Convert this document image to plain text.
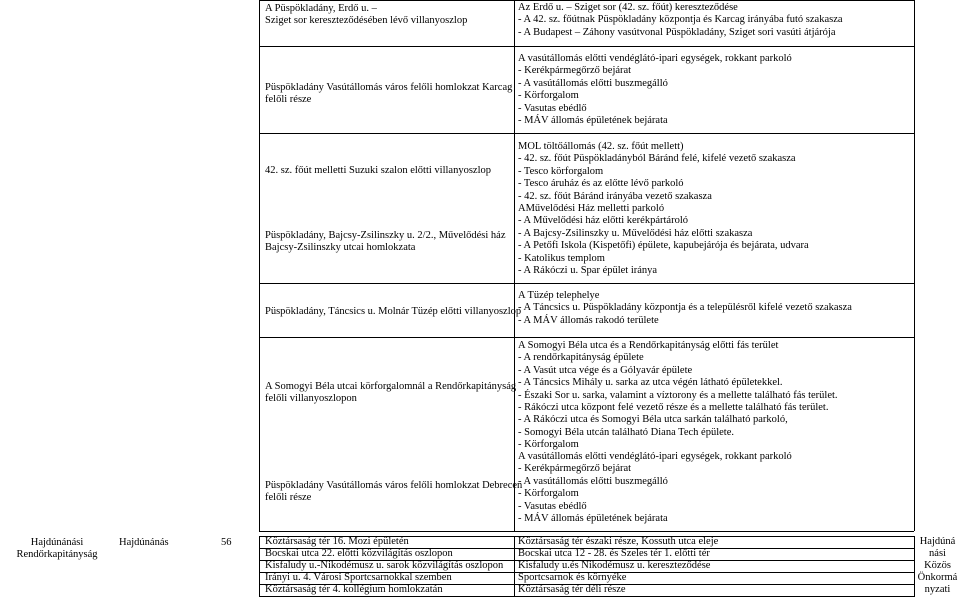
A Püspökladány, Erdő u. –
Sziget sor kereszteződésében lévő villanyoszlop
Püspökladány Vasútállomás város felőli homlokzat Karcag
felőli része
42. sz. főút melletti Suzuki szalon előtti villanyoszlop
Püspökladány, Bajcsy-Zsilinszky u. 2/2., Művelődési ház
Bajcsy-Zsilinszky utcai homlokzata
Püspökladány, Táncsics u. Molnár Tüzép előtti villanyoszlop
A Somogyi Béla utcai körforgalomnál a Rendőrkapitányság
felőli villanyoszlopon
Püspökladány Vasútállomás város felőli homlokzat Debrecen
felőli része
Az Erdő u. – Sziget sor (42. sz. főút) kereszteződése
- A 42. sz. főútnak Püspökladány központja és Karcag irányába futó szakasza
- A Budapest – Záhony vasútvonal Püspökladány, Sziget sori vasúti átjárója
A vasútállomás előtti vendéglátó-ipari egységek, rokkant parkoló
- Kerékpármegőrző bejárat
- A vasútállomás előtti buszmegálló
- Körforgalom
- Vasutas ebédlő
- MÁV állomás épületének bejárata
MOL töltőállomás (42. sz. főút mellett)
- 42. sz. főút Püspökladányból Báránd felé, kifelé vezető szakasza
- Tesco körforgalom
- Tesco áruház és az előtte lévő parkoló
- 42. sz. főút Báránd irányába vezető szakasza
AMűvelődési Ház melletti parkoló
- A Művelődési ház előtti kerékpártároló
- A Bajcsy-Zsilinszky u. Művelődési ház előtti szakasza
- A Petőfi Iskola (Kispetőfi) épülete, kapubejárója és bejárata, udvara
- Katolikus templom
- A Rákóczi u. Spar épület iránya
A Tüzép telephelye
- A Táncsics u. Püspökladány központja és a településről kifelé vezető szakasza
- A MÁV állomás rakodó területe
A Somogyi Béla utca és a Rendőrkapitányság előtti fás terület
- A rendőrkapitányság épülete
- A Vasút utca vége és a Gólyavár épülete
- A Táncsics Mihály u. sarka az utca végén látható épületekkel.
- Északi Sor u. sarka, valamint a víztorony és a mellette található fás terület.
- Rákóczi utca központ felé vezető része és a mellette található fás terület.
- A Rákóczi utca és Somogyi Béla utca sarkán található parkoló,
- Somogyi Béla utcán található Diana Tech épülete.
- Körforgalom
A vasútállomás előtti vendéglátó-ipari egységek, rokkant parkoló
- Kerékpármegőrző bejárat
- A vasútállomás előtti buszmegálló
- Körforgalom
- Vasutas ebédlő
- MÁV állomás épületének bejárata
Hajdúnánási
Rendőrkapitányság
Hajdúnánás	56	Köztársaság tér 16. Mozi épületén
Bocskai utca 22. előtti közvilágítás oszlopon
Kisfaludy u.-Nikodémusz u. sarok közvilágítás oszlopon
Irányi u. 4. Városi Sportcsarnokkal szemben
Köztársaság tér 4. kollégium homlokzatán
Köztársaság tér északi része, Kossuth utca eleje
Bocskai utca 12 - 28. és Szeles tér 1. előtti tér
Kisfaludy u.és Nikodémusz u. kereszteződése
Sportcsarnok és környéke
Köztársaság tér déli része
Hajdúná
nási
Közös
Önkormá
nyzati
